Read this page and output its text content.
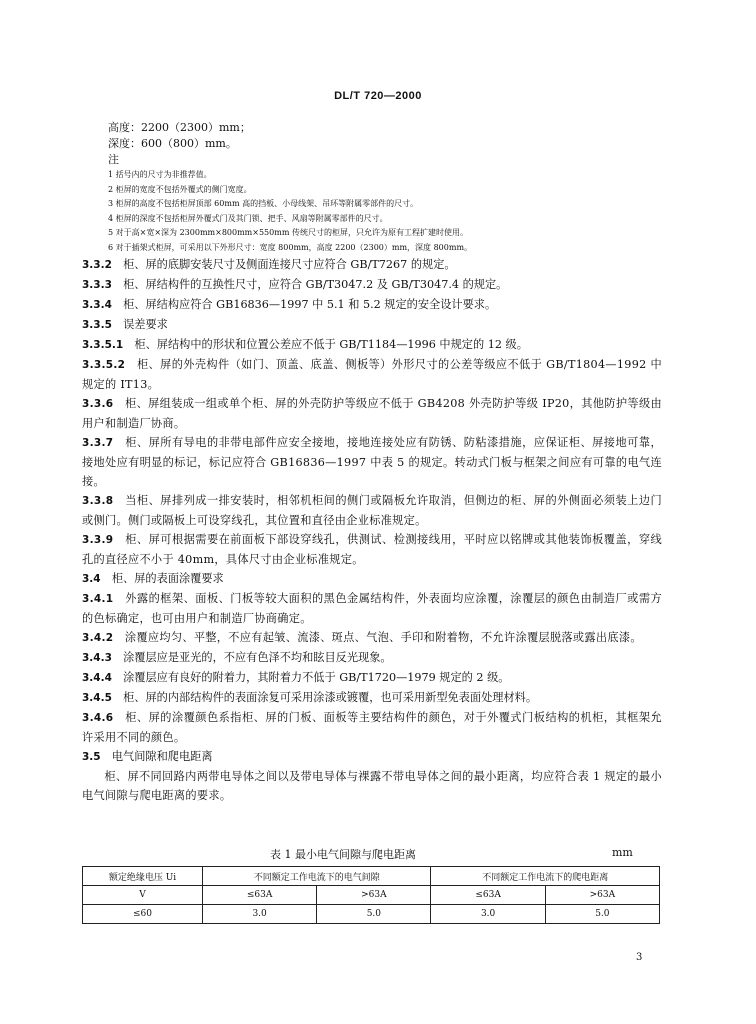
DL/T 720—2000
高度：2200（2300）mm；
深度：600（800）mm。
注
1 括号内的尺寸为非推荐值。
2 柜屏的宽度不包括外覆式的侧门宽度。
3 柜屏的高度不包括柜屏顶部 60mm 高的挡板、小母线架、吊环等附属零部件的尺寸。
4 柜屏的深度不包括柜屏外覆式门及其门锁、把手、风扇等附属零部件的尺寸。
5 对于高×宽×深为 2300mm×800mm×550mm 传统尺寸的柜屏，只允许为原有工程扩建时使用。
6 对于插架式柜屏，可采用以下外形尺寸：宽度 800mm，高度 2200（2300）mm，深度 800mm。
3.3.2　 柜、屏的底脚安装尺寸及侧面连接尺寸应符合 GB/T7267 的规定。
3.3.3　 柜、屏结构件的互换性尺寸，应符合 GB/T3047.2 及 GB/T3047.4 的规定。
3.3.4　 柜、屏结构应符合 GB16836—1997 中 5.1 和 5.2 规定的安全设计要求。
3.3.5　 误差要求
3.3.5.1　 柜、屏结构中的形状和位置公差应不低于 GB/T1184—1996 中规定的 12 级。
3.3.5.2　 柜、屏的外壳构件（如门、顶盖、底盖、侧板等）外形尺寸的公差等级应不低于 GB/T1804—1992 中规定的 IT13。
3.3.6　 柜、屏组装成一组或单个柜、屏的外壳防护等级应不低于 GB4208 外壳防护等级 IP20，其他防护等级由用户和制造厂协商。
3.3.7　 柜、屏所有导电的非带电部件应安全接地，接地连接处应有防锈、防粘漆措施，应保证柜、屏接地可靠，接地处应有明显的标记，标记应符合 GB16836—1997 中表 5 的规定。转动式门板与框架之间应有可靠的电气连接。
3.3.8　 当柜、屏排列成一排安装时，相邻机柜间的侧门或隔板允许取消，但侧边的柜、屏的外侧面必须装上边门或侧门。侧门或隔板上可设穿线孔，其位置和直径由企业标准规定。
3.3.9　 柜、屏可根据需要在前面板下部设穿线孔，供测试、检测接线用，平时应以铭牌或其他装饰板覆盖，穿线孔的直径应不小于 40mm，具体尺寸由企业标准规定。
3.4　 柜、屏的表面涂覆要求
3.4.1　 外露的框架、面板、门板等较大面积的黑色金属结构件，外表面均应涂覆，涂覆层的颜色由制造厂或需方的色标确定，也可由用户和制造厂协商确定。
3.4.2　 涂覆应均匀、平整，不应有起皱、流漆、斑点、气泡、手印和附着物，不允许涂覆层脱落或露出底漆。
3.4.3　 涂覆层应是亚光的，不应有色泽不均和眩目反光现象。
3.4.4　 涂覆层应有良好的附着力，其附着力不低于 GB/T1720—1979 规定的 2 级。
3.4.5　 柜、屏的内部结构件的表面涂复可采用涂漆或镀覆，也可采用新型免表面处理材料。
3.4.6　 柜、屏的涂覆颜色系指柜、屏的门板、面板等主要结构件的颜色，对于外覆式门板结构的机柜，其框架允许采用不同的颜色。
3.5　 电气间隙和爬电距离
柜、屏不同回路内两带电导体之间以及带电导体与裸露不带电导体之间的最小距离，均应符合表 1 规定的最小电气间隙与爬电距离的要求。
表 1 最小电气间隙与爬电距离	mm
额定绝缘电压 Ui	不同额定工作电流下的电气间隙		不同额定工作电流下的爬电距离	
V	≤63A	>63A	≤63A	>63A
≤60	3.0	5.0	3.0	5.0
3
